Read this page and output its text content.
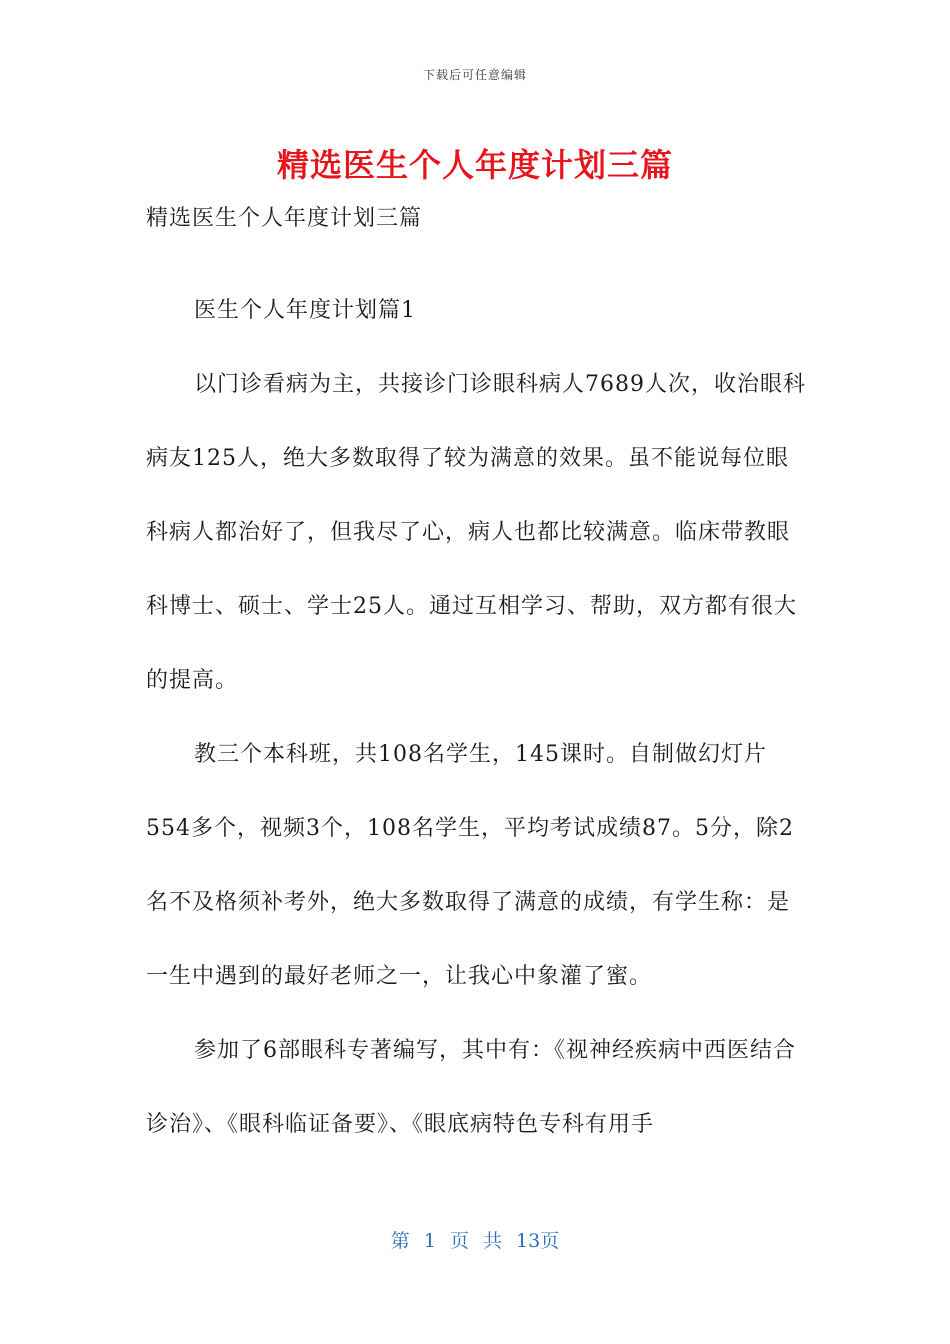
下载后可任意编辑
精选医生个人年度计划三篇

精选医生个人年度计划三篇

医生个人年度计划篇1

以门诊看病为主，共接诊门诊眼科病人7689人次，收治眼科病友125人，绝大多数取得了较为满意的效果。虽不能说每位眼科病人都治好了，但我尽了心，病人也都比较满意。临床带教眼科博士、硕士、学士25人。通过互相学习、帮助，双方都有很大的提高。

教三个本科班，共108名学生，145课时。自制做幻灯片554多个，视频3个，108名学生，平均考试成绩87。5分，除2名不及格须补考外，绝大多数取得了满意的成绩，有学生称：是一生中遇到的最好老师之一，让我心中象灌了蜜。

参加了6部眼科专著编写，其中有：《视神经疾病中西医结合诊治》、《眼科临证备要》、《眼底病特色专科有用手

第 1 页 共 13页
